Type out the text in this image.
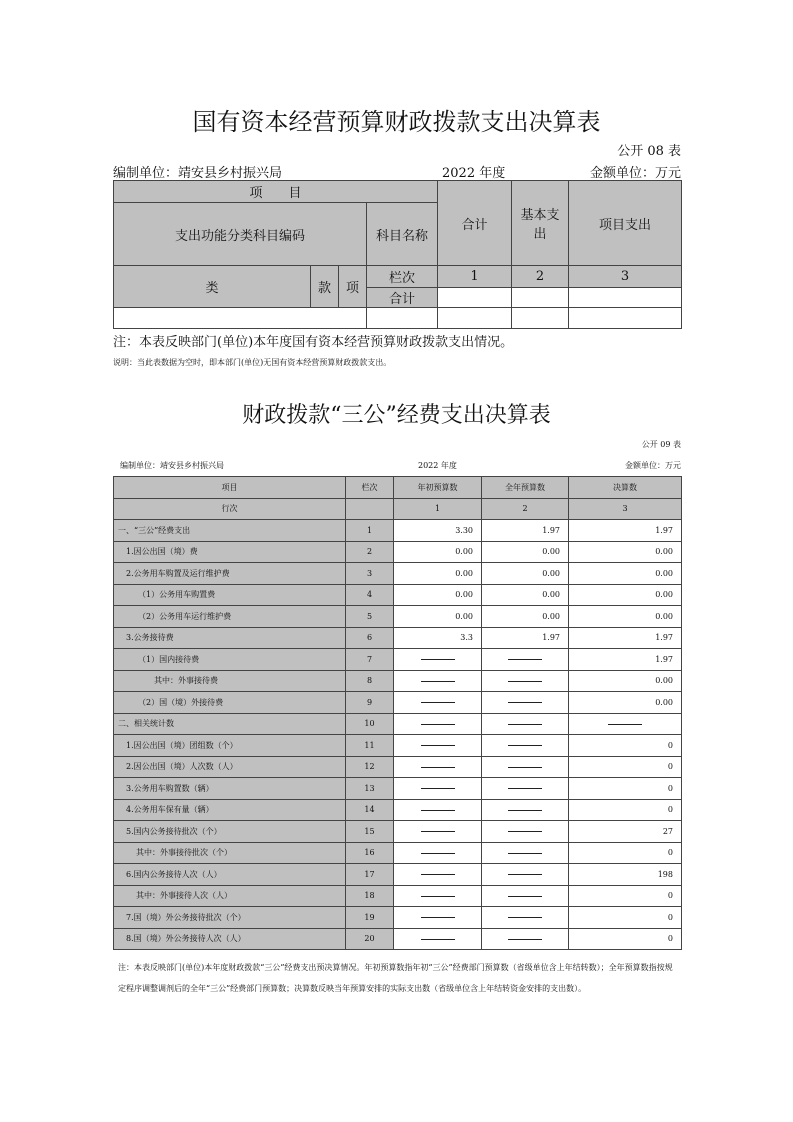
国有资本经营预算财政拨款支出决算表
公开 08 表
编制单位：靖安县乡村振兴局	2022 年度	金额单位：万元
项　　目				合计	基本支出	项目支出
支出功能分类科目编码			科目名称			
类	款	项	栏次	1	2	3
			合计			

注：本表反映部门(单位)本年度国有资本经营预算财政拨款支出情况。
说明：当此表数据为空时，即本部门(单位)无国有资本经营预算财政拨款支出。
财政拨款“三公”经费支出决算表
公开 09 表
编制单位：靖安县乡村振兴局	2022 年度	金额单位：万元
项目	栏次	年初预算数	全年预算数	决算数
行次		1	2	3
一、“三公”经费支出	1	3.30	1.97	1.97
1.因公出国（境）费	2	0.00	0.00	0.00
2.公务用车购置及运行维护费	3	0.00	0.00	0.00
（1）公务用车购置费	4	0.00	0.00	0.00
（2）公务用车运行维护费	5	0.00	0.00	0.00
3.公务接待费	6	3.3	1.97	1.97
（1）国内接待费	7			1.97
其中：外事接待费	8			0.00
（2）国（境）外接待费	9			0.00
二、相关统计数	10			
1.因公出国（境）团组数（个）	11			0
2.因公出国（境）人次数（人）	12			0
3.公务用车购置数（辆）	13			0
4.公务用车保有量（辆）	14			0
5.国内公务接待批次（个）	15			27
其中：外事接待批次（个）	16			0
6.国内公务接待人次（人）	17			198
其中：外事接待人次（人）	18			0
7.国（境）外公务接待批次（个）	19			0
8.国（境）外公务接待人次（人）	20			0
注：本表反映部门(单位)本年度财政拨款“三公”经费支出预决算情况。年初预算数指年初“三公”经费部门预算数（省级单位含上年结转数）；全年预算数指按规定程序调整调剂后的全年“三公”经费部门预算数；决算数反映当年预算安排的实际支出数（省级单位含上年结转资金安排的支出数）。
